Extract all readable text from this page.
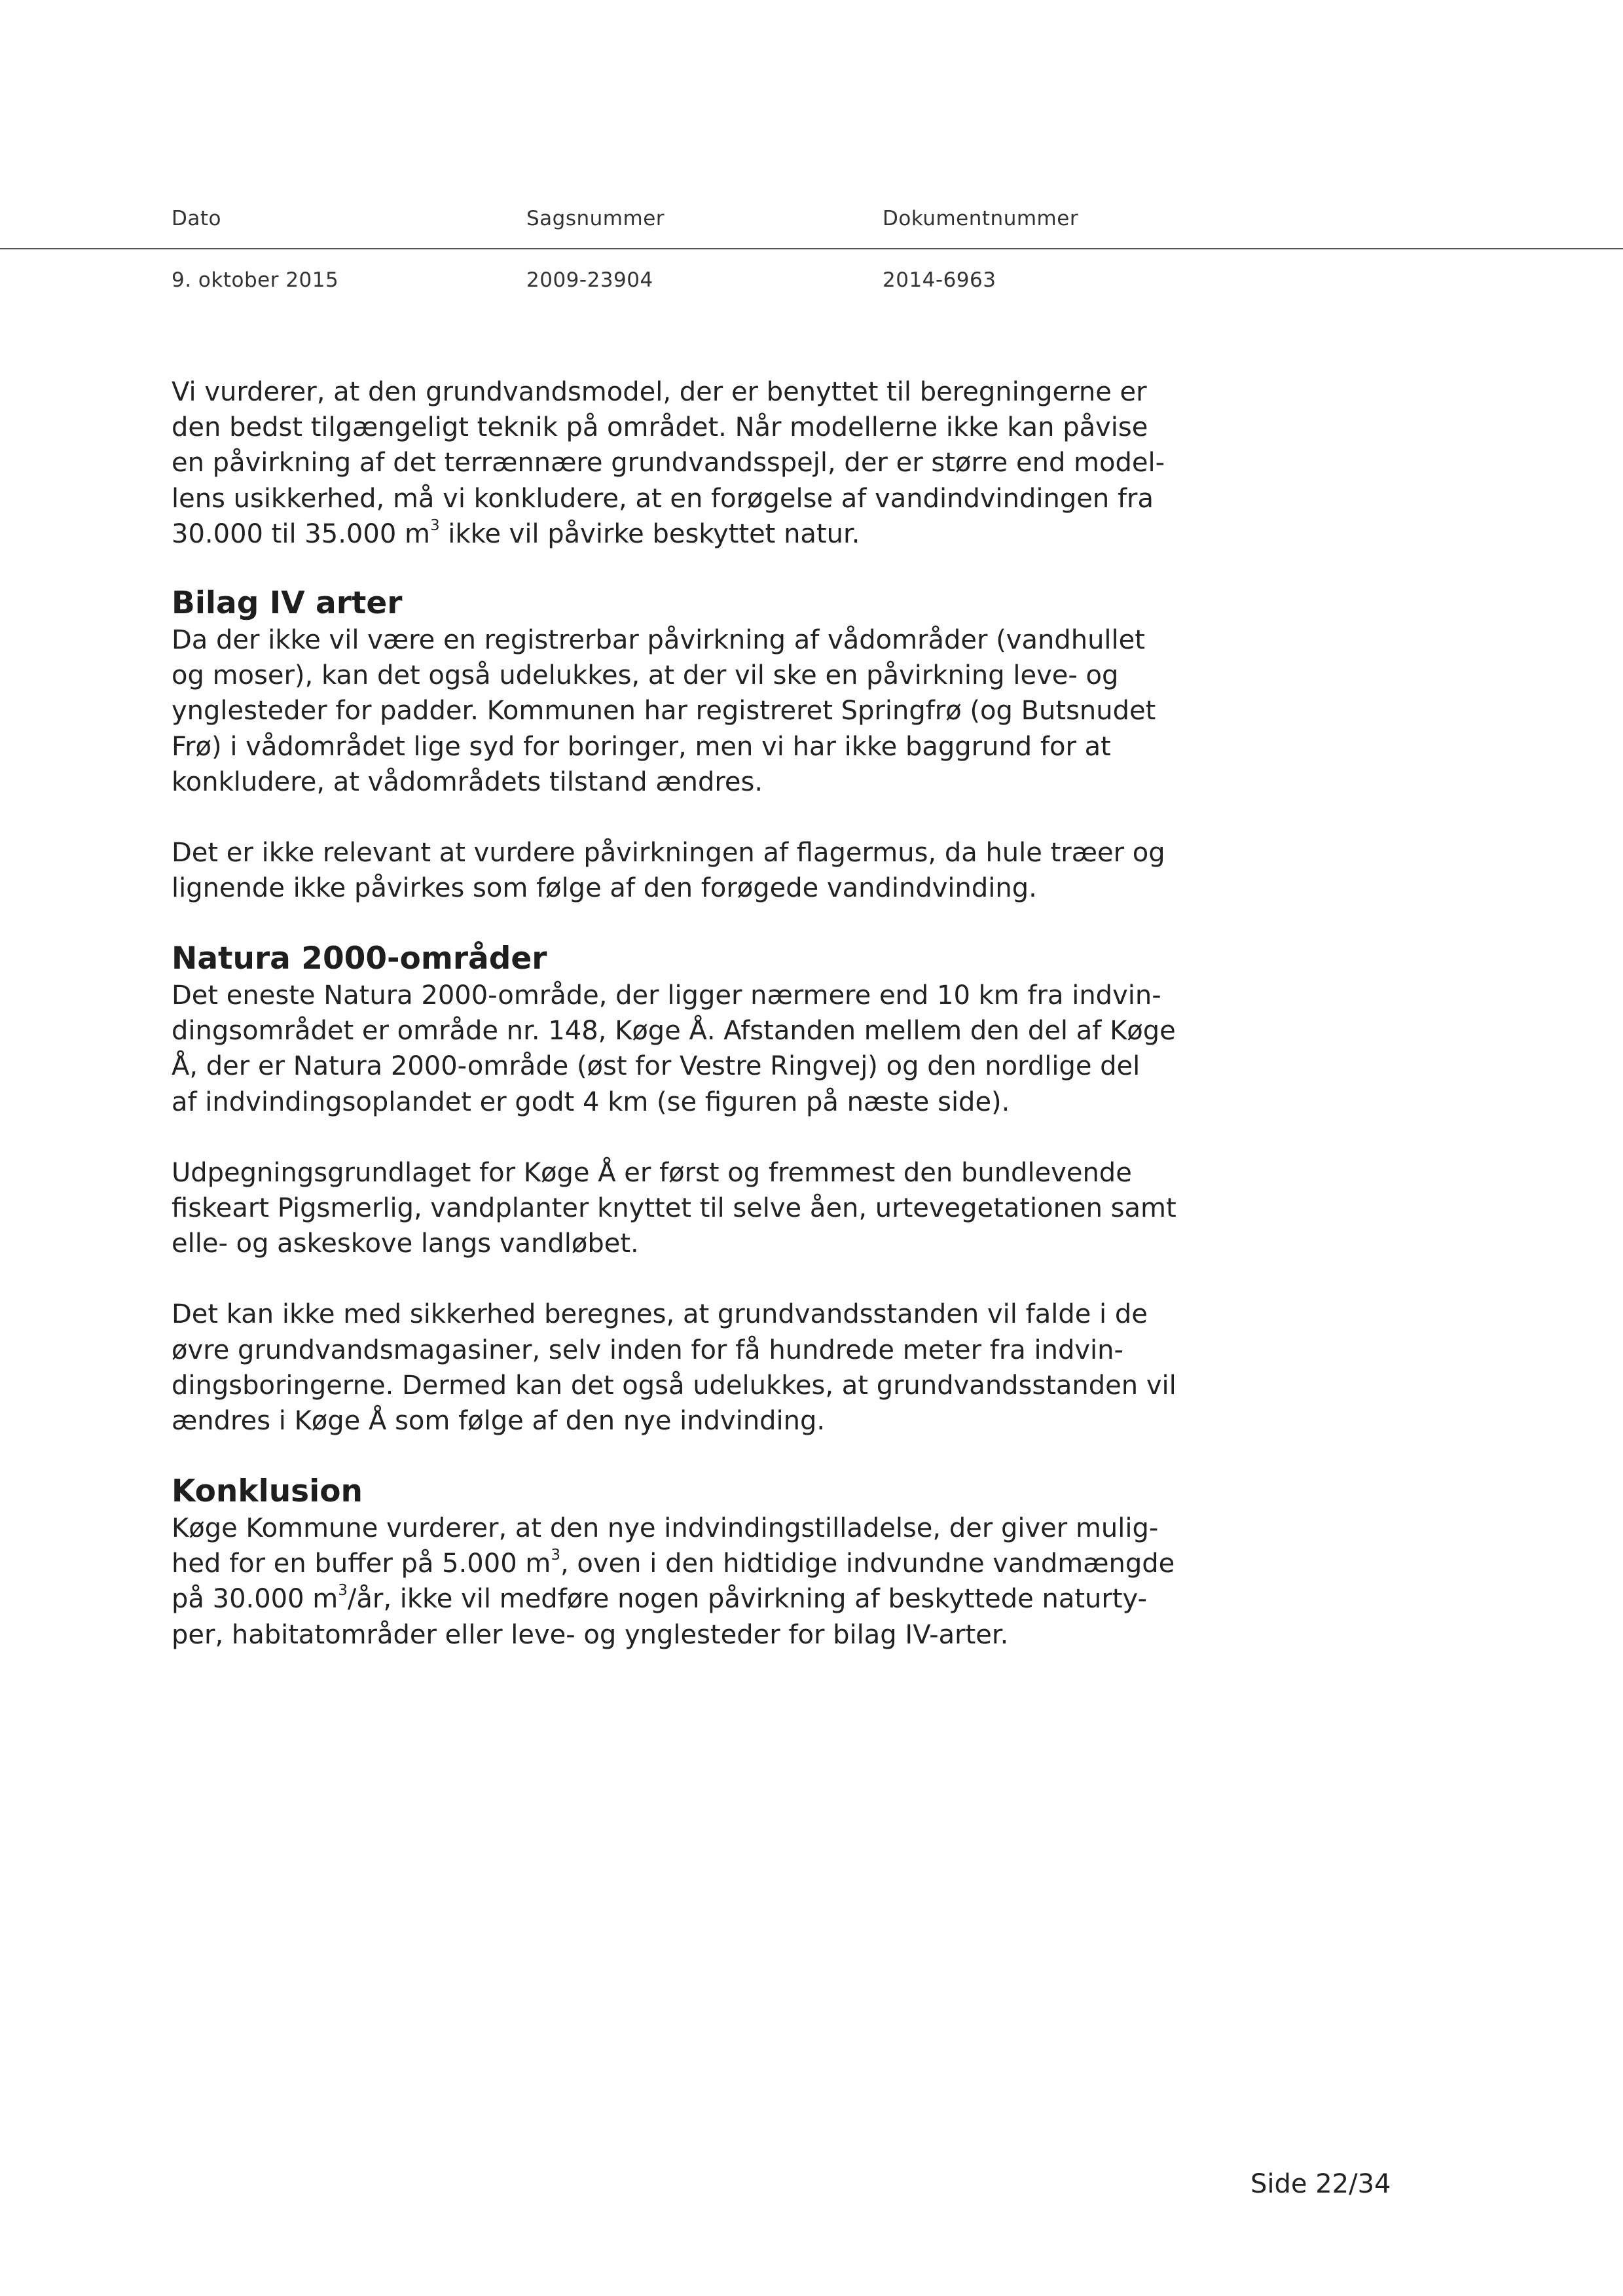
Dato	Sagsnummer	Dokumentnummer
9. oktober 2015	2009-23904	2014-6963

Vi vurderer, at den grundvandsmodel, der er benyttet til beregningerne er
den bedst tilgængeligt teknik på området. Når modellerne ikke kan påvise
en påvirkning af det terrænnære grundvandsspejl, der er større end model-
lens usikkerhed, må vi konkludere, at en forøgelse af vandindvindingen fra
30.000 til 35.000 $m^3$ ikke vil påvirke beskyttet natur.

Bilag IV arter

Da der ikke vil være en registrerbar påvirkning af vådområder (vandhullet
og moser), kan det også udelukkes, at der vil ske en påvirkning leve- og
ynglesteder for padder. Kommunen har registreret Springfrø (og Butsnudet
Frø) i vådområdet lige syd for boringer, men vi har ikke baggrund for at
konkludere, at vådområdets tilstand ændres.

Det er ikke relevant at vurdere påvirkningen af flagermus, da hule træer og
lignende ikke påvirkes som følge af den forøgede vandindvinding.

Natura 2000-områder

Det eneste Natura 2000-område, der ligger nærmere end 10 km fra indvin-
dingsområdet er område nr. 148, Køge Å. Afstanden mellem den del af Køge
Å, der er Natura 2000-område (øst for Vestre Ringvej) og den nordlige del
af indvindingsoplandet er godt 4 km (se figuren på næste side).

Udpegningsgrundlaget for Køge Å er først og fremmest den bundlevende
fiskeart Pigsmerlig, vandplanter knyttet til selve åen, urtevegetationen samt
elle- og askeskove langs vandløbet.

Det kan ikke med sikkerhed beregnes, at grundvandsstanden vil falde i de
øvre grundvandsmagasiner, selv inden for få hundrede meter fra indvin-
dingsboringerne. Dermed kan det også udelukkes, at grundvandsstanden vil
ændres i Køge Å som følge af den nye indvinding.

Konklusion

Køge Kommune vurderer, at den nye indvindingstilladelse, der giver mulig-
hed for en buffer på 5.000 $m^3$, oven i den hidtidige indvundne vandmængde
på 30.000 $m^3/år$, ikke vil medføre nogen påvirkning af beskyttede naturty-
per, habitatområder eller leve- og ynglesteder for bilag IV-arter.

Side 22/34
